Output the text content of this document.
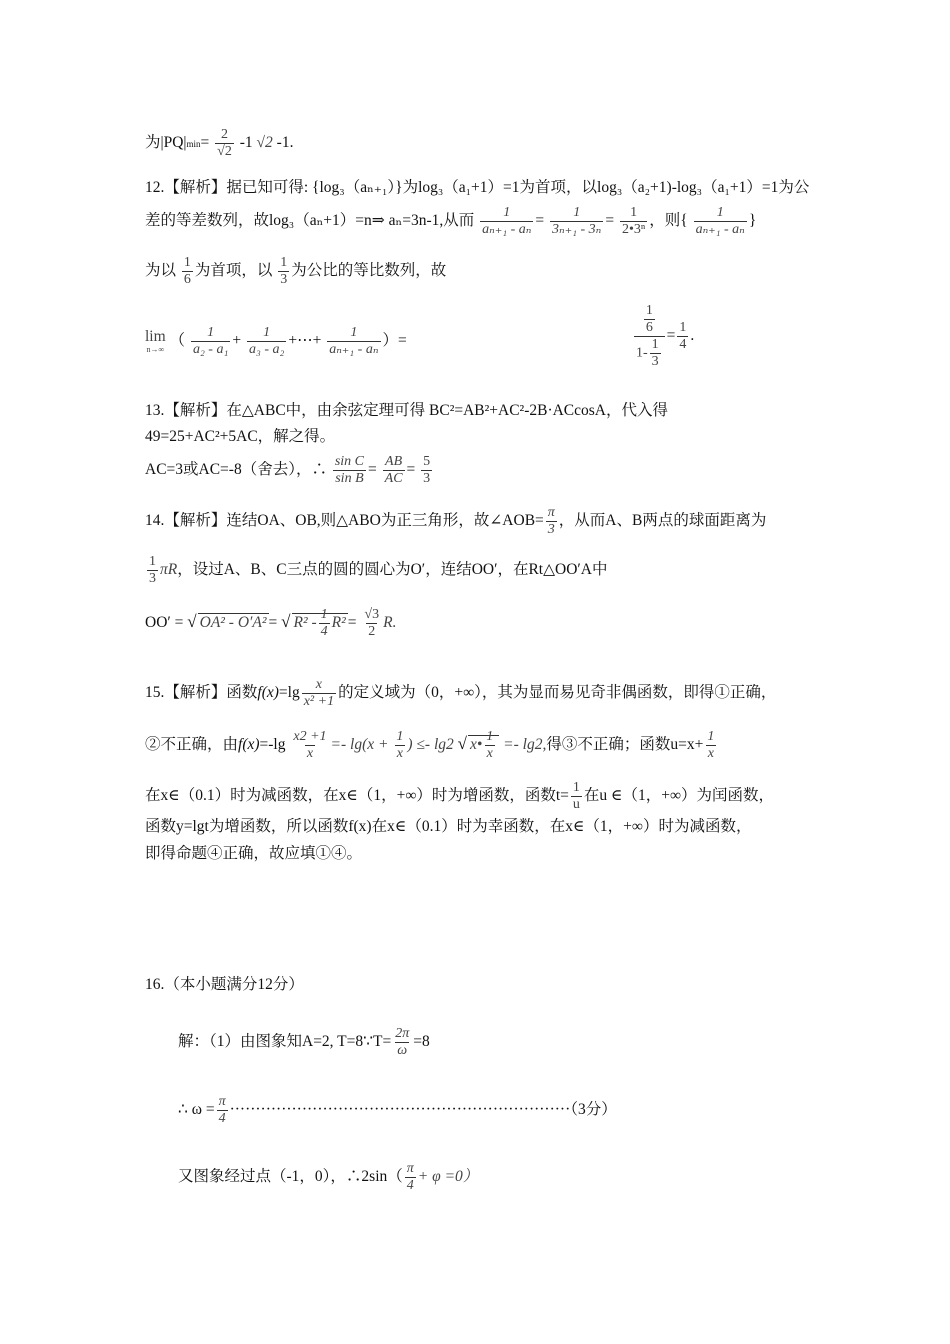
为$|PQ|\min= \frac{2}{√2} -1$ √2 -1.
12.【解析】据已知可得: {log₃（aₙ₊₁）}为log₃（a₁+1）=1为首项，以log₃（a₂+1)-log₃（a₁+1）=1为公
差的等差数列，故log₃（aₙ+1）=n⇒ aₙ=3n-1,从而 $\frac{1}{\text{aₙ₊₁ - aₙ}} = \frac{1}{\text{3ₙ₊₁ - 3ₙ}} = \frac{1}{\text{2•3ⁿ}}$ ，则{ $\frac{1}{\text{aₙ₊₁ - aₙ}}$ }
为以 $\frac{1}{6}$ 为首项，以 $\frac{1}{3}$ 为公比的等比数列，故
lim
n→∞
（ $\frac{1}{\text{a₂ - a₁}} + \frac{1}{\text{a₃ - a₂}}$ +⋯+ $\frac{1}{\text{aₙ₊₁ - aₙ}}$ ）=	$\frac{\frac{1}{6}}{1- \frac{1}{3}} = \frac{1}{4}$ .
13.【解析】在△ABC中，由余弦定理可得 BC²=AB²+AC²-2B·ACcosA，代入得
49=25+AC²+5AC，解之得。
AC=3或AC=-8（舍去），∴ $\frac{\text{sin C}}{\text{sin B}} = \frac{AB}{AC} = \frac{5}{3}$
14.【解析】连结OA、OB,则△ABO为正三角形，故∠AOB= $\frac{\pi}{3}$ ，从而A、B两点的球面距离为
$\frac{1}{3}$ πR，设过A、B、C三点的圆的圆心为O′，连结OO′，在Rt△OO′A中
OO′ = √ OA² - O′A² = √ $R^2 - \frac{1}{4} R^2 = \frac{√3}{2} R$.
15.【解析】函数$f(x)=\lg \frac{x}{\text{x² +1}}$ 的定义域为（0，+∞），其为显而易见奇非偶函数，即得①正确，
②不正确，由$f(x)=-\lg \frac{x2 +1}{x} =- \lg(x + \frac{1}{x}$ ) ≤- lg2 √ x• $\frac{1}{x} =- \lg 2$,得③不正确；函数$u=x+ \frac{1}{x}$
在x∈（0.1）时为减函数，在x∈（1，+∞）时为增函数，函数$t= \frac{1}{u}$ 在u ∈（1，+∞）为闰函数，
函数y=lgt为增函数，所以函数f(x)在x∈（0.1）时为幸函数，在x∈（1，+∞）时为减函数，
即得命题④正确，故应填①④。
16.（本小题满分12分）
解：（1）由图象知A=2, T=8∵T= $\frac{2\pi}{\omega} =8$
∴ $\omega = \frac{\pi}{4} \cdot\cdot\cdot\cdot\cdot\cdot\cdot\cdot\cdot\cdot\cdot\cdot\cdot\cdot\cdot\cdot\cdot\cdot\cdot\cdot\cdot\cdot\cdot\cdot\cdot\cdot\cdot\cdot\cdot\cdot\cdot\cdot\cdot\cdot\cdot\cdot\cdot\cdot\cdot\cdot\cdot\cdot\cdot\cdot\cdot\cdot\cdot\cdot\cdot\cdot\cdot\cdot\cdot\cdot\cdot\cdot\cdot\cdot\cdot\cdot\cdot\cdot\cdot\cdot\cdot\cdot(3$分）
又图象经过点（-1，0），∴2sin（ $\frac{\pi}{4} + \varphi =0$）
